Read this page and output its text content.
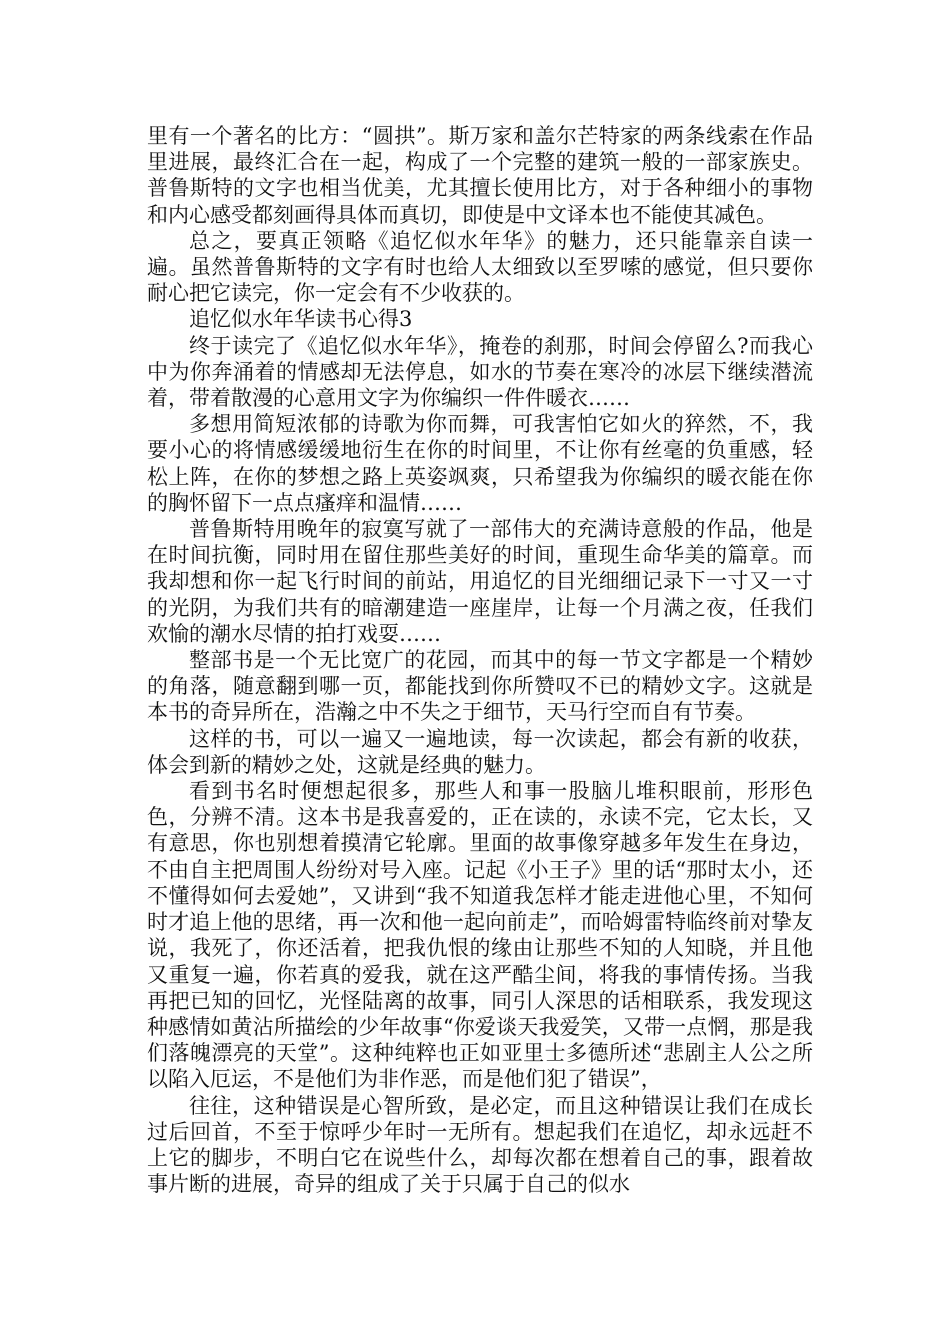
里有一个著名的比方：“圆拱”。斯万家和盖尔芒特家的两条线索在作品里进展，最终汇合在一起，构成了一个完整的建筑一般的一部家族史。普鲁斯特的文字也相当优美，尤其擅长使用比方，对于各种细小的事物和内心感受都刻画得具体而真切，即使是中文译本也不能使其减色。

总之，要真正领略《追忆似水年华》的魅力，还只能靠亲自读一遍。虽然普鲁斯特的文字有时也给人太细致以至罗嗦的感觉，但只要你耐心把它读完，你一定会有不少收获的。

追忆似水年华读书心得3

终于读完了《追忆似水年华》，掩卷的刹那，时间会停留么?而我心中为你奔涌着的情感却无法停息，如水的节奏在寒冷的冰层下继续潜流着，带着散漫的心意用文字为你编织一件件暖衣……

多想用简短浓郁的诗歌为你而舞，可我害怕它如火的猝然，不，我要小心的将情感缓缓地衍生在你的时间里，不让你有丝毫的负重感，轻松上阵，在你的梦想之路上英姿飒爽，只希望我为你编织的暖衣能在你的胸怀留下一点点瘙痒和温情……

普鲁斯特用晚年的寂寞写就了一部伟大的充满诗意般的作品，他是在时间抗衡，同时用在留住那些美好的时间，重现生命华美的篇章。而我却想和你一起飞行时间的前站，用追忆的目光细细记录下一寸又一寸的光阴，为我们共有的暗潮建造一座崖岸，让每一个月满之夜，任我们欢愉的潮水尽情的拍打戏耍……

整部书是一个无比宽广的花园，而其中的每一节文字都是一个精妙的角落，随意翻到哪一页，都能找到你所赞叹不已的精妙文字。这就是本书的奇异所在，浩瀚之中不失之于细节，天马行空而自有节奏。

这样的书，可以一遍又一遍地读，每一次读起，都会有新的收获，体会到新的精妙之处，这就是经典的魅力。

看到书名时便想起很多，那些人和事一股脑儿堆积眼前，形形色色，分辨不清。这本书是我喜爱的，正在读的，永读不完，它太长，又有意思，你也别想着摸清它轮廓。里面的故事像穿越多年发生在身边，不由自主把周围人纷纷对号入座。记起《小王子》里的话“那时太小，还不懂得如何去爱她”，又讲到“我不知道我怎样才能走进他心里，不知何时才追上他的思绪，再一次和他一起向前走”，而哈姆雷特临终前对挚友说，我死了，你还活着，把我仇恨的缘由让那些不知的人知晓，并且他又重复一遍，你若真的爱我，就在这严酷尘间，将我的事情传扬。当我再把已知的回忆，光怪陆离的故事，同引人深思的话相联系，我发现这种感情如黄沾所描绘的少年故事“你爱谈天我爱笑，又带一点惘，那是我们落魄漂亮的天堂”。这种纯粹也正如亚里士多德所述“悲剧主人公之所以陷入厄运，不是他们为非作恶，而是他们犯了错误”，

往往，这种错误是心智所致，是必定，而且这种错误让我们在成长过后回首，不至于惊呼少年时一无所有。想起我们在追忆，却永远赶不上它的脚步，不明白它在说些什么，却每次都在想着自己的事，跟着故事片断的进展，奇异的组成了关于只属于自己的似水
